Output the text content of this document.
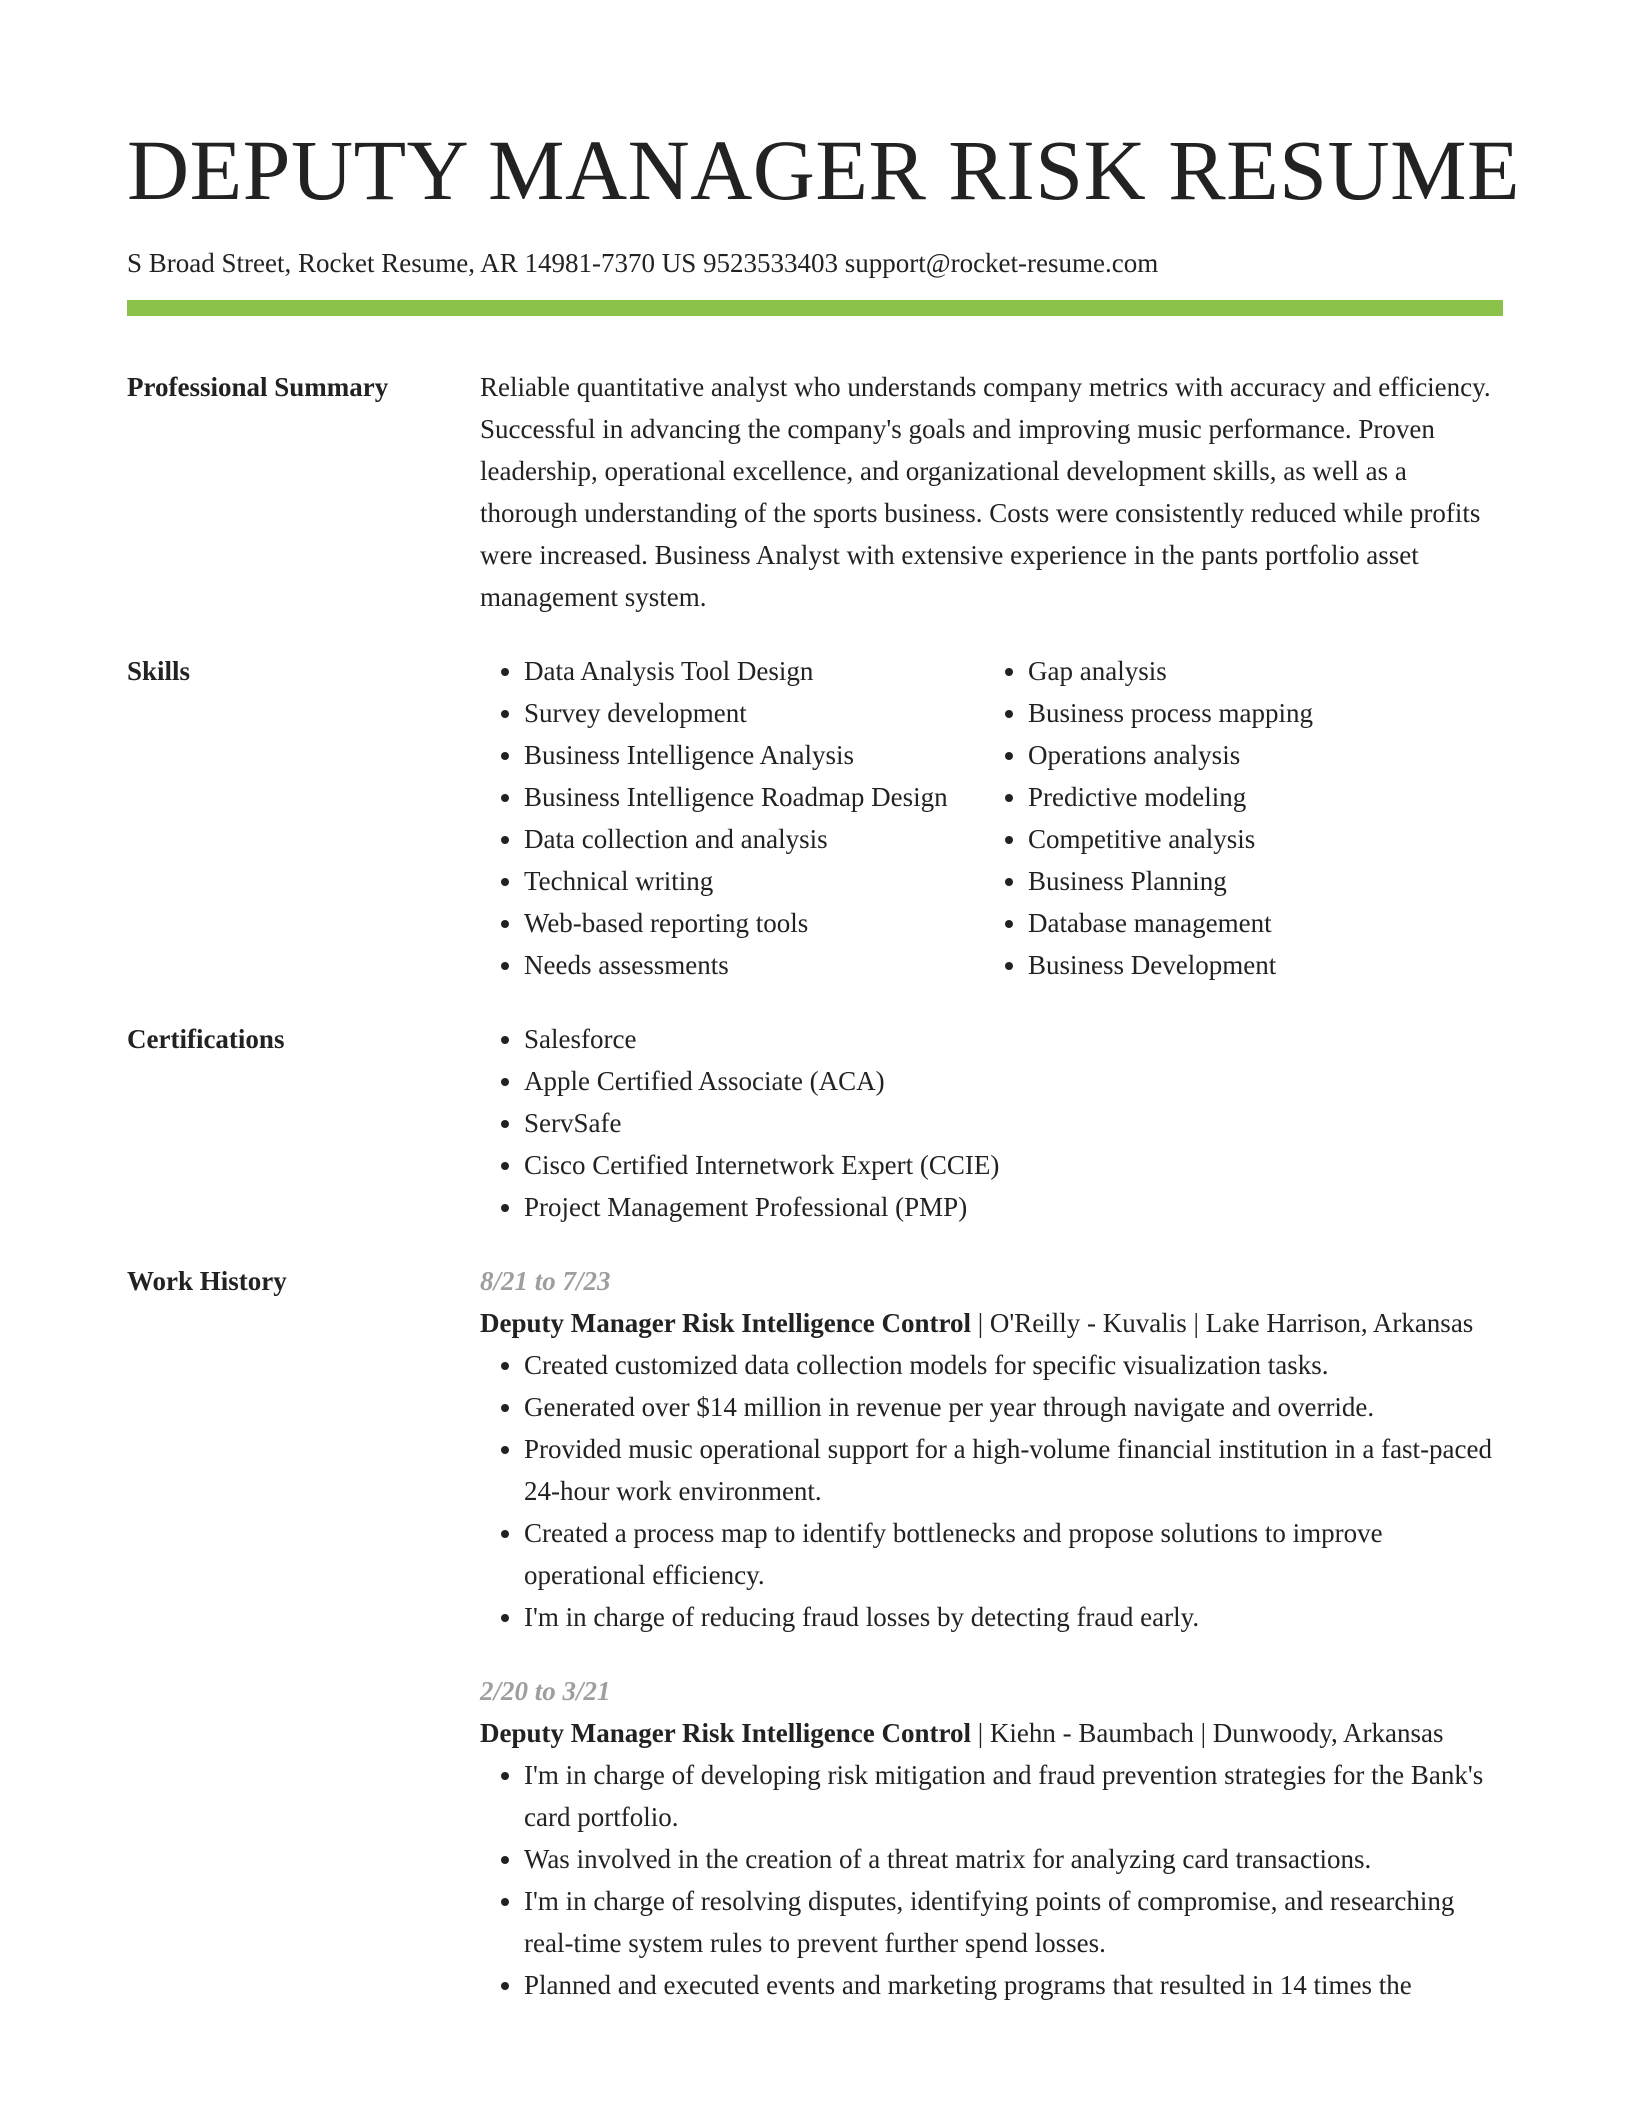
DEPUTY MANAGER RISK RESUME
S Broad Street, Rocket Resume, AR 14981-7370 US 9523533403 support@rocket-resume.com
Professional Summary	Reliable quantitative analyst who understands company metrics with accuracy and efficiency. Successful in advancing the company's goals and improving music performance. Proven leadership, operational excellence, and organizational development skills, as well as a thorough understanding of the sports business. Costs were consistently reduced while profits were increased. Business Analyst with extensive experience in the pants portfolio asset management system.

Skills	• Data Analysis Tool Design
• Survey development
• Business Intelligence Analysis
• Business Intelligence Roadmap Design
• Data collection and analysis
• Technical writing
• Web-based reporting tools
• Needs assessments
• Gap analysis
• Business process mapping
• Operations analysis
• Predictive modeling
• Competitive analysis
• Business Planning
• Database management
• Business Development
Certifications	• Salesforce
• Apple Certified Associate (ACA)
• ServSafe
• Cisco Certified Internetwork Expert (CCIE)
• Project Management Professional (PMP)
Work History	8/21 to 7/23
Deputy Manager Risk Intelligence Control | O'Reilly - Kuvalis | Lake Harrison, Arkansas
• Created customized data collection models for specific visualization tasks.
• Generated over $14 million in revenue per year through navigate and override.
• Provided music operational support for a high-volume financial institution in a fast-paced 24-hour work environment.
• Created a process map to identify bottlenecks and propose solutions to improve operational efficiency.
• I'm in charge of reducing fraud losses by detecting fraud early.
2/20 to 3/21
Deputy Manager Risk Intelligence Control | Kiehn - Baumbach | Dunwoody, Arkansas
• I'm in charge of developing risk mitigation and fraud prevention strategies for the Bank's card portfolio.
• Was involved in the creation of a threat matrix for analyzing card transactions.
• I'm in charge of resolving disputes, identifying points of compromise, and researching real-time system rules to prevent further spend losses.
• Planned and executed events and marketing programs that resulted in 14 times the
